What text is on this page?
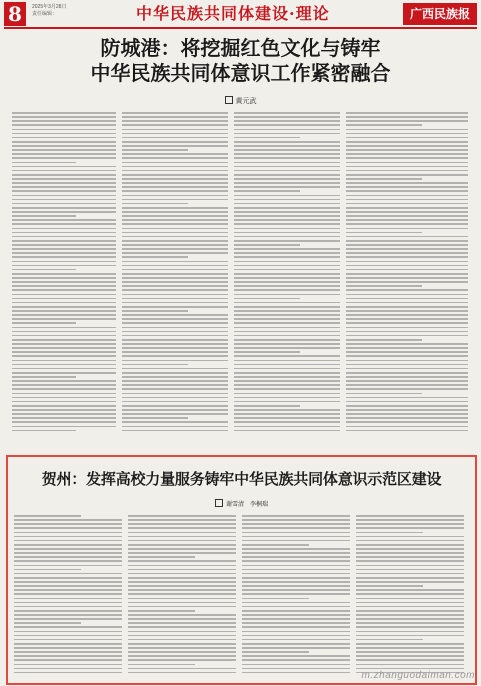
8	2025年3月28日
责任编辑：	中华民族共同体建设·理论	广西民族报
防城港：将挖掘红色文化与铸牢
中华民族共同体意识工作紧密融合
黄元武
贺州：发挥高校力量服务铸牢中华民族共同体意识示范区建设
谢雪清　李桐瑞
m.zhanguodaiman.com
